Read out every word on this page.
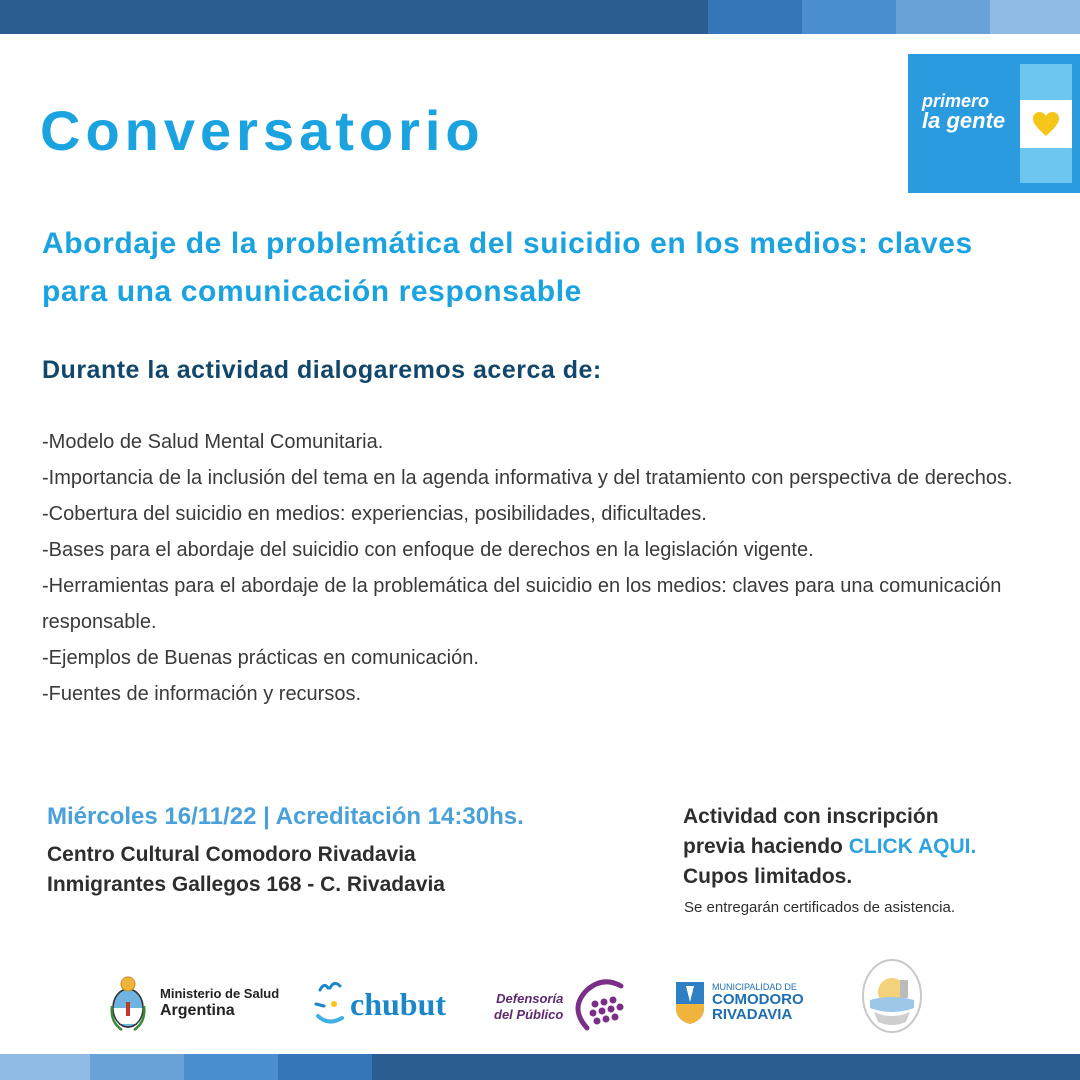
primero
la gente
Conversatorio
Abordaje de la problemática del suicidio en los medios: claves para una comunicación responsable
Durante la actividad dialogaremos acerca de:
-Modelo de Salud Mental Comunitaria.
-Importancia de la inclusión del tema en la agenda informativa y del tratamiento con perspectiva de derechos.
-Cobertura del suicidio en medios: experiencias, posibilidades, dificultades.
-Bases para el abordaje del suicidio con enfoque de derechos en la legislación vigente.
-Herramientas para el abordaje de la problemática del suicidio en los medios: claves para una comunicación responsable.
-Ejemplos de Buenas prácticas en comunicación.
-Fuentes de información y recursos.
Miércoles 16/11/22 | Acreditación 14:30hs.
Centro Cultural Comodoro Rivadavia
Inmigrantes Gallegos 168 - C. Rivadavia
Actividad con inscripción
previa haciendo CLICK AQUI.
Cupos limitados.
Se entregarán certificados de asistencia.
Ministerio de Salud
Argentina	chubut	Defensoría
del Público
MUNICIPALIDAD DE
COMODORO
RIVADAVIA
